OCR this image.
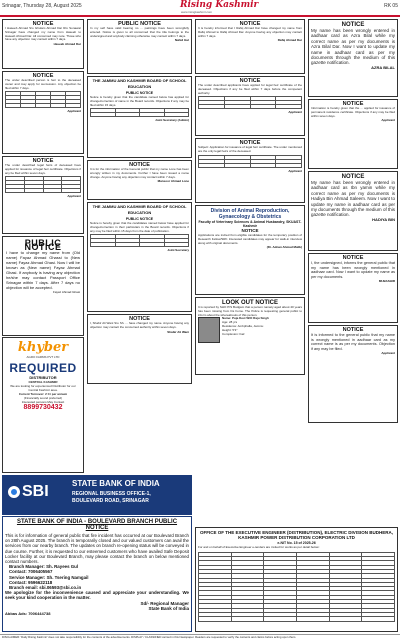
Srinagar, Thursday 28, August 2025	Rising Kashmir
www.risingkashmir.com
RK 05
NOTICE
I Haseeb Ahmad S/o Ghulam Ahmad Dar R/o Sonawar Srinagar have changed my name from Haseeb to Haseeb Ahmad Dar. All concerned may note. Those who have any objection may contact within 7 days.
Haseeb Ahmad Dar
NOTICE
The under described person is heir to the deceased owner and may apply for succession. Any objection be filed within 7 days.

Applicant
NOTICE
The under described legal heirs of deceased have applied for issuance of legal heir certificate. Objections if any be filed within seven days.

Applicant
PUBLIC NOTICE
I have to change my name from (Old name) Fayaz Ahmad Ghassi to (New name) Fayaz Ahmad Ghasi. Now I will be known as (New name) Fayaz Ahmad Ghasi. If anybody is having any objection he/she may contact Passport Office Srinagar within 7 days. After 7 days no objection will be accepted.
Fayaz Ahmad Ghasi
khyber
AGRO FARMS PVT LTD
REQUIRED
DISTRIBUTOR
CENTRAL KASHMIR
We are looking for experienced Distributor for our
Central Kashmir area.
Current Turnover: 2 Cr per annum
(Financially sound preferred)
Interested persons May Contact
8899730432
SBI	STATE BANK OF INDIA
REGIONAL BUSINESS OFFICE-1,
BOULEVARD ROAD, SRINAGAR
STATE BANK OF INDIA - BOULEVARD BRANCH PUBLIC NOTICE
This is for information of general public that fire incident has occurred at our Boulevard Branch on 28th August 2025. The branch is temporarily closed and our valued customers can avail the services from our nearby branch. The updates on branch re-opening status will be conveyed in due course. Further, it is requested to our esteemed customers who have availed Safe Deposit Locker facility at our Boulevard Branch, may please contact the branch on below mentioned contact numbers.
Branch Manager: Sh. Rayees Gul
Contact: 7006405567
Service Manager: Sh. Tsering Namgail
Contact: 9596622118
Branch email: sbi.06593@sbi.co.in
We apologize for the inconvenience caused and appreciate your understanding. We seek your kind cooperation in the matter.
Sd/- Regional Manager
State Bank of India
Abbas Ads: 7006444738
PUBLIC NOTICE
In my self have valid bearing no ... paintings have been wrongfully entered. Notice is given to all concerned that the title belongs to the undersigned and anybody claiming otherwise may contact within 7 days.
Nahid Gul
THE JAMMU AND KASHMIR BOARD OF SCHOOL EDUCATION
PUBLIC NOTICE
Notice is hereby given that the candidate named below has applied for change/correction of name in the Board records. Objections if any may be filed within 15 days.

Joint Secretary (Admin)
NOTICE
It is for the information of the General public that my name Lone has been wrongly written in my documents. Further I have been issued a name change. Anyone having any objection may contact within 7 days.
Mansoor Ahmad Lone
THE JAMMU AND KASHMIR BOARD OF SCHOOL EDUCATION
PUBLIC NOTICE
Notice is hereby given that the candidates named below have applied for change/correction in their particulars in the Board records. Objections if any may be filed within 15 days from the date of publication.

Joint Secretary
NOTICE
I, Shabir Ali Wani S/o Sh. ... have changed my name. Anyone having any objection may contact the concerned authority within seven days.
Shabir Ali Wani
NOTICE
It is hereby informed that I Rafiq Ahmad Dar have changed my name from Rafiq Ahmad to Rafiq Ahmad Dar. Anyone having any objection may contact within 7 days.
Rafiq Ahmad Dar
NOTICE
The under described applicants have applied for legal heir certificate of the deceased. Objections if any be filed within 7 days before the competent authority.

Applicant
NOTICE
Subject: Application for issuance of legal heir certificate. The under mentioned are the only legal heirs of the deceased.

Applicant
Division of Animal Reproduction, Gynaecology & Obstetrics
Faculty of Veterinary Sciences & Animal Husbandry, SKUAST-Kashmir
NOTICE
Applications are invited from eligible candidates for the temporary position of Research Fellow/SRF. Interested candidates may appear for walk-in interview along with original documents.
(Dr. Adnan Ahmad Malik)
LOOK OUT NOTICE
It is reported by SHO P/S Budgam that a person namely aged about 40 years has been missing from his home. The Police is requesting general public to inform about the whereabouts of this person.
Name: Puja Devi W/O Raju Singh
Age: 28 yrs
Residence: Ambphalla, Jammu
Height: 5'3''
Complexion: Fair
NOTICE
My name has been wrongly entered in aadhaar card as Azra Bilal while my correct name as per my documents is Azra Bilal Dar. Now I want to update my name in aadhaar card as per my documents through the medium of this gazette notification.
AZRA BILAL
NOTICE
Information is hereby given that the ... applied for issuance of permanent residence certificate. Objections if any may be filed within seven days.
Applicant
NOTICE
My name has been wrongly entered in aadhaar card as Ibn yamin while my correct name as per my documents is Hadiya Bin Ahmad Saleem. Now I want to update my name in aadhaar card as per my documents through the medium of this gazette notification.
HADIYA BIN
NOTICE
I, the undersigned, informs the general public that my name has been wrongly mentioned in aadhaar card. Now I want to update my name as per my documents.
MUBASHIR
NOTICE
It is informed to the general public that my name is wrongly mentioned in aadhaar card as my correct name is as per my documents. Objection if any may be filed.
Applicant
OFFICE OF THE EXECUTIVE ENGINEER (DISTRIBUTION), ELECTRIC DIVISION BUDHERA, KASHMIR POWER DISTRIBUTION CORPORATION LTD
e-NIT No. 15 of 2025-26
For and on behalf of Executive Engineer e-tenders are invited for works as per detail below:

DISCLAIMER: 'Daily Rising Kashmir' does not take responsibility for the contents of the advertisements. DISPLAY / CLASSIFIED carried in this Newspaper. Readers are requested to verify the contents and claims before acting upon them.
